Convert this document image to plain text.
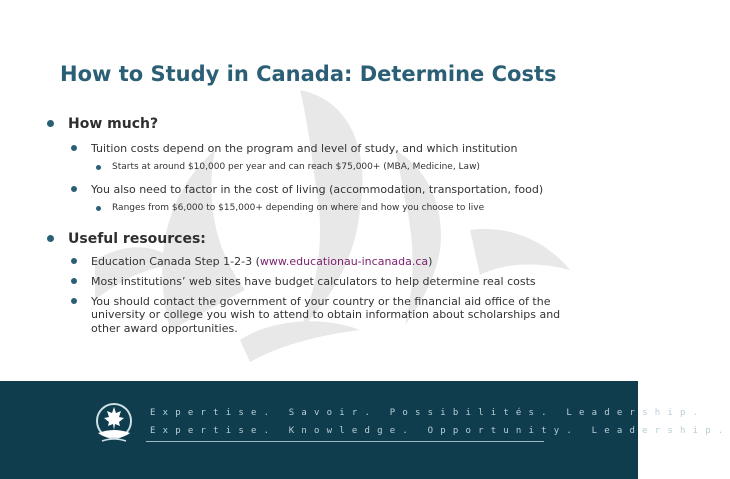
How to Study in Canada: Determine Costs
How much?
Tuition costs depend on the program and level of study, and which institution
Starts at around $10,000 per year and can reach $75,000+ (MBA, Medicine, Law)
You also need to factor in the cost of living (accommodation, transportation, food)
Ranges from $6,000 to $15,000+ depending on where and how you choose to live
Useful resources:
Education Canada Step 1-2-3 (www.educationau-incanada.ca)
Most institutions’ web sites have budget calculators to help determine real costs
You should contact the government of your country or the financial aid office of the university or college you wish to attend to obtain information about scholarships and other award opportunities.
Expertise. Savoir. Possibilités. Leadership.
Expertise. Knowledge. Opportunity. Leadership.
